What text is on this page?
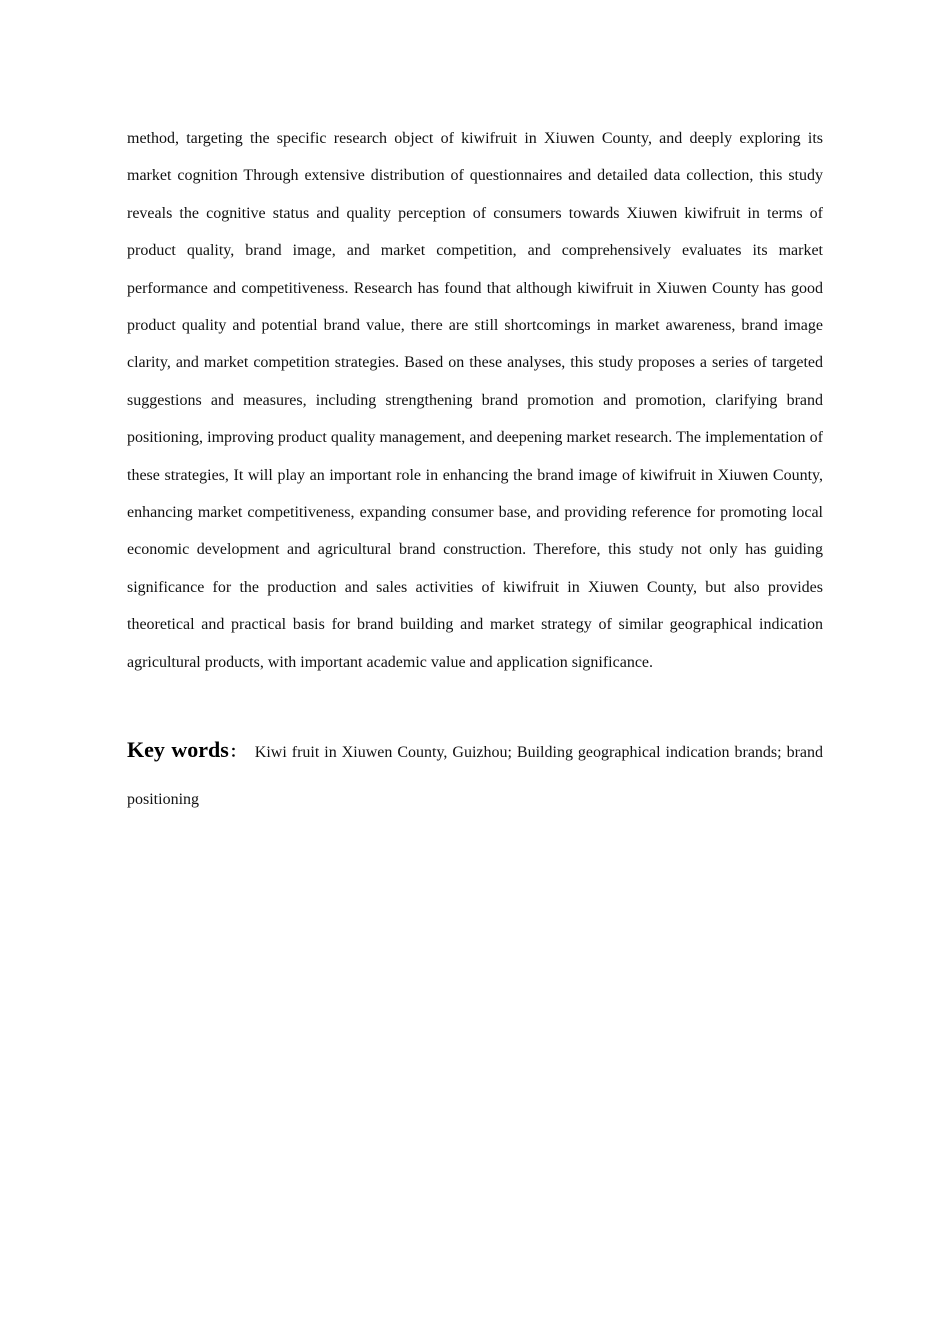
method, targeting the specific research object of kiwifruit in Xiuwen County, and deeply exploring its market cognition Through extensive distribution of questionnaires and detailed data collection, this study reveals the cognitive status and quality perception of consumers towards Xiuwen kiwifruit in terms of product quality, brand image, and market competition, and comprehensively evaluates its market performance and competitiveness. Research has found that although kiwifruit in Xiuwen County has good product quality and potential brand value, there are still shortcomings in market awareness, brand image clarity, and market competition strategies. Based on these analyses, this study proposes a series of targeted suggestions and measures, including strengthening brand promotion and promotion, clarifying brand positioning, improving product quality management, and deepening market research. The implementation of these strategies, It will play an important role in enhancing the brand image of kiwifruit in Xiuwen County, enhancing market competitiveness, expanding consumer base, and providing reference for promoting local economic development and agricultural brand construction. Therefore, this study not only has guiding significance for the production and sales activities of kiwifruit in Xiuwen County, but also provides theoretical and practical basis for brand building and market strategy of similar geographical indication agricultural products, with important academic value and application significance.

Key words： Kiwi fruit in Xiuwen County, Guizhou; Building geographical indication brands; brand positioning
